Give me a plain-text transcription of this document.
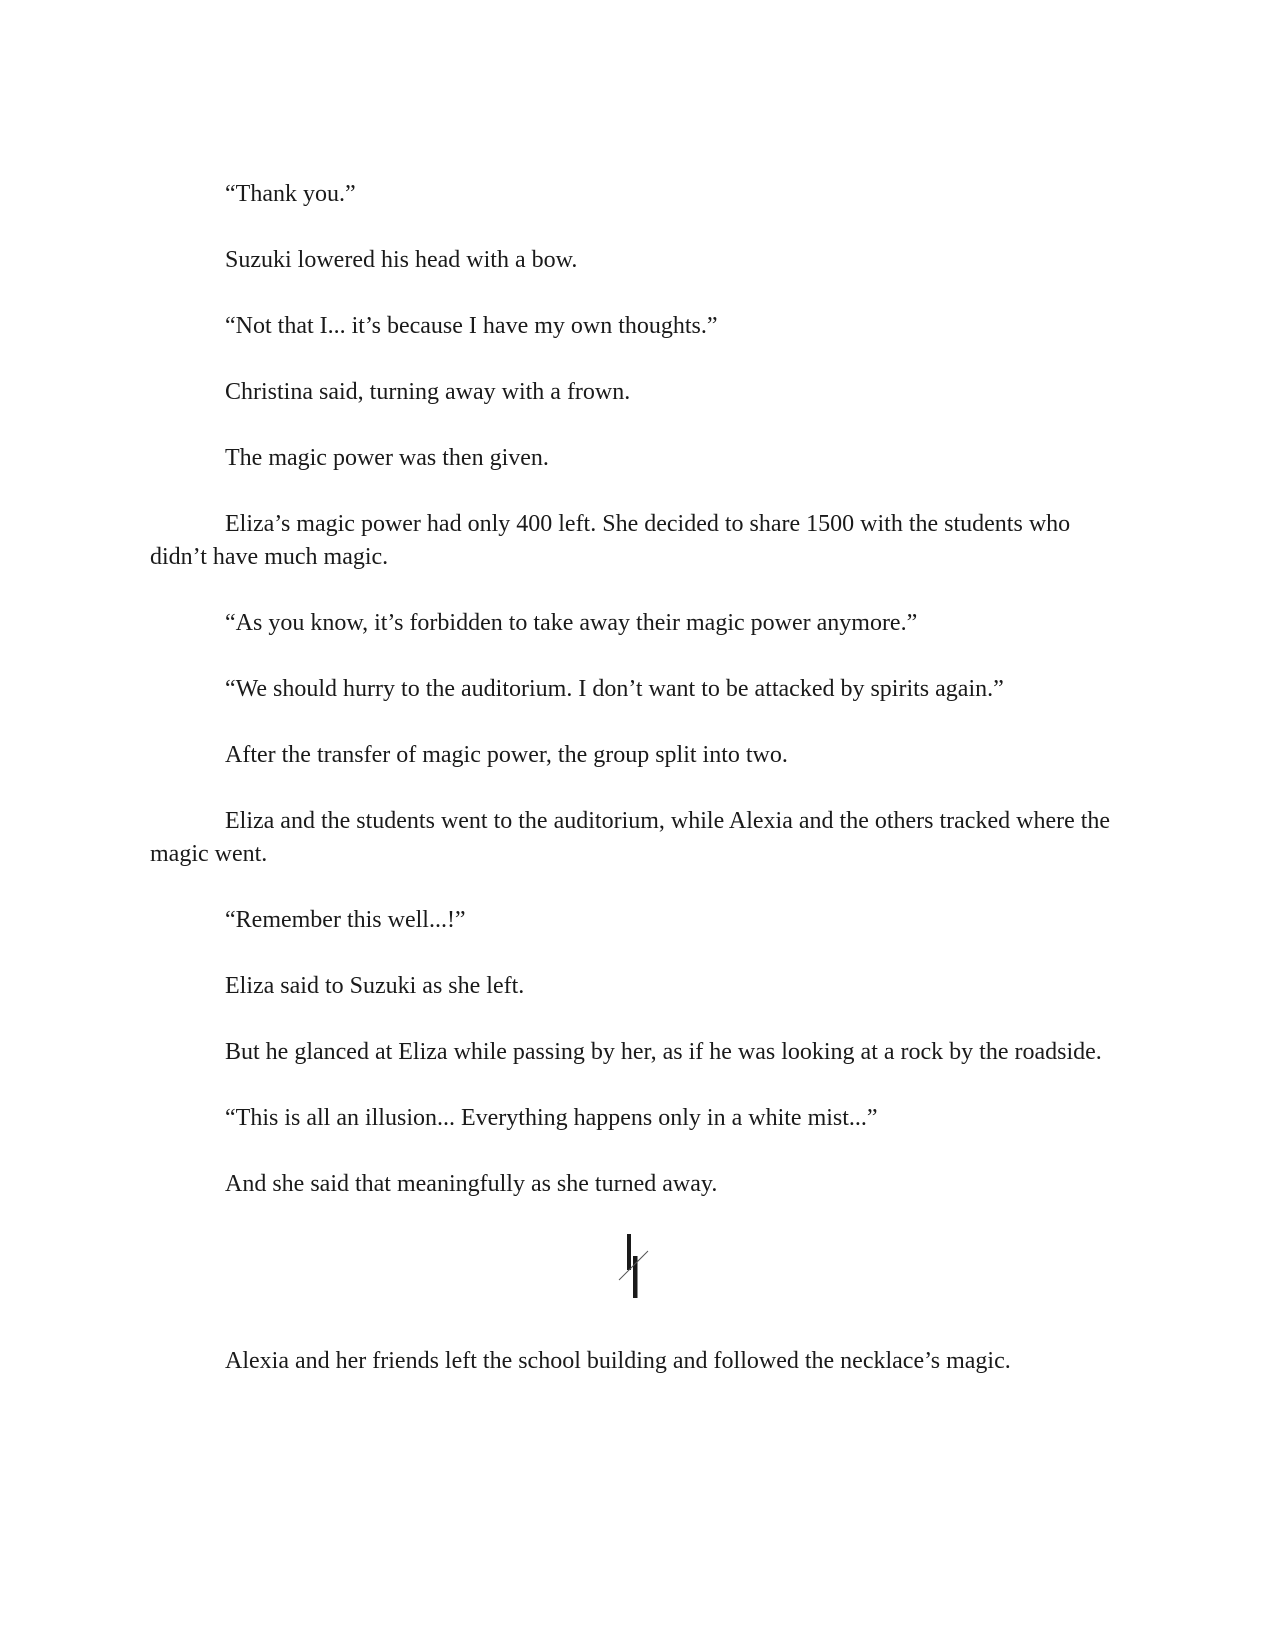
“Thank you.”

Suzuki lowered his head with a bow.

“Not that I... it’s because I have my own thoughts.”

Christina said, turning away with a frown.

The magic power was then given.

Eliza’s magic power had only 400 left. She decided to share 1500 with the students who didn’t have much magic.

“As you know, it’s forbidden to take away their magic power anymore.”

“We should hurry to the auditorium. I don’t want to be attacked by spirits again.”

After the transfer of magic power, the group split into two.

Eliza and the students went to the auditorium, while Alexia and the others tracked where the magic went.

“Remember this well...!”

Eliza said to Suzuki as she left.

But he glanced at Eliza while passing by her, as if he was looking at a rock by the roadside.

“This is all an illusion... Everything happens only in a white mist...”

And she said that meaningfully as she turned away.

Alexia and her friends left the school building and followed the necklace’s magic.
